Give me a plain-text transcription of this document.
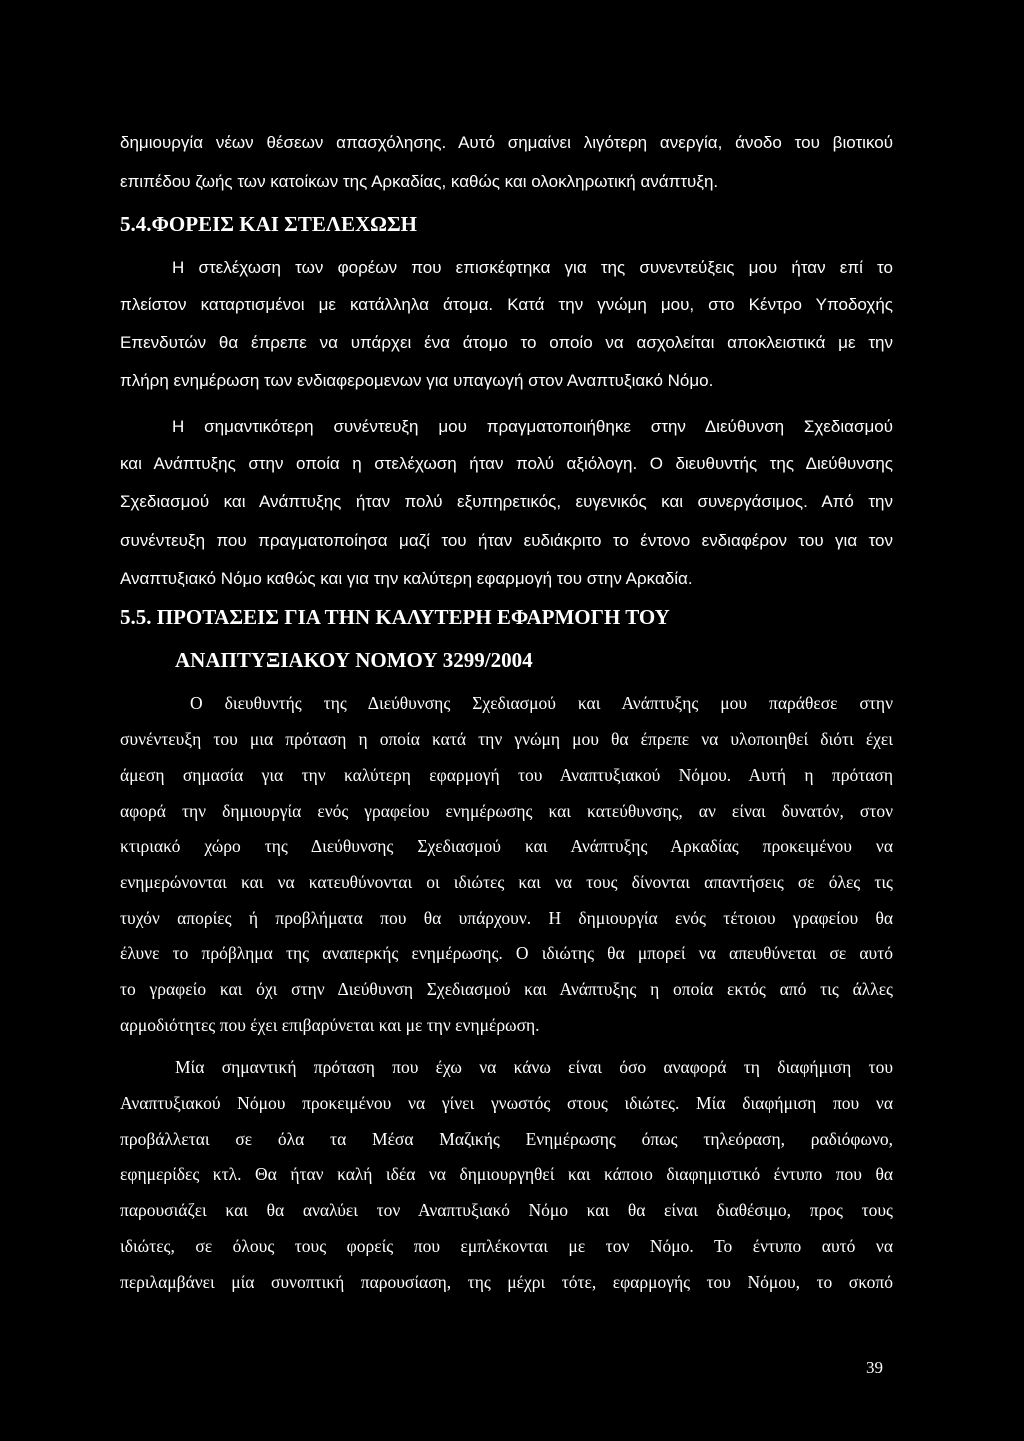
δημιουργία νέων θέσεων απασχόλησης. Αυτό σημαίνει λιγότερη ανεργία, άνοδο του βιοτικού
επιπέδου ζωής των κατοίκων της Αρκαδίας, καθώς και ολοκληρωτική ανάπτυξη.
5.4.ΦΟΡΕΙΣ ΚΑΙ ΣΤΕΛΕΧΩΣΗ
Η στελέχωση των φορέων που επισκέφτηκα για της συνεντεύξεις μου ήταν επί το
πλείστον καταρτισμένοι με κατάλληλα άτομα. Κατά την γνώμη μου, στο Κέντρο Υποδοχής
Επενδυτών θα έπρεπε να υπάρχει ένα άτομο το οποίο να ασχολείται αποκλειστικά με την
πλήρη ενημέρωση των ενδιαφερομενων για υπαγωγή στον Αναπτυξιακό Νόμο.
Η σημαντικότερη συνέντευξη μου πραγματοποιήθηκε στην Διεύθυνση Σχεδιασμού
και Ανάπτυξης στην οποία η στελέχωση ήταν πολύ αξιόλογη. Ο διευθυντής της Διεύθυνσης
Σχεδιασμού και Ανάπτυξης ήταν πολύ εξυπηρετικός, ευγενικός και συνεργάσιμος. Από την
συνέντευξη που πραγματοποίησα μαζί του ήταν ευδιάκριτο το έντονο ενδιαφέρον του για τον
Αναπτυξιακό Νόμο καθώς και για την καλύτερη εφαρμογή του στην Αρκαδία.
5.5. ΠΡΟΤΑΣΕΙΣ ΓΙΑ ΤΗΝ ΚΑΛΥΤΕΡΗ ΕΦΑΡΜΟΓΗ ΤΟΥ
ΑΝΑΠΤΥΞΙΑΚΟΥ ΝΟΜΟΥ 3299/2004
Ο διευθυντής της Διεύθυνσης Σχεδιασμού και Ανάπτυξης μου παράθεσε στην
συνέντευξη του μια πρόταση η οποία κατά την γνώμη μου θα έπρεπε να υλοποιηθεί διότι έχει
άμεση σημασία για την καλύτερη εφαρμογή του Αναπτυξιακού Νόμου. Αυτή η πρόταση
αφορά την δημιουργία ενός γραφείου ενημέρωσης και κατεύθυνσης, αν είναι δυνατόν, στον
κτιριακό χώρο της Διεύθυνσης Σχεδιασμού και Ανάπτυξης Αρκαδίας προκειμένου να
ενημερώνονται και να κατευθύνονται οι ιδιώτες και να τους δίνονται απαντήσεις σε όλες τις
τυχόν απορίες ή προβλήματα που θα υπάρχουν. Η δημιουργία ενός τέτοιου γραφείου θα
έλυνε το πρόβλημα της αναπερκής ενημέρωσης. Ο ιδιώτης θα μπορεί να απευθύνεται σε αυτό
το γραφείο και όχι στην Διεύθυνση Σχεδιασμού και Ανάπτυξης η οποία εκτός από τις άλλες
αρμοδιότητες που έχει επιβαρύνεται και με την ενημέρωση.
Μία σημαντική πρόταση που έχω να κάνω είναι όσο αναφορά τη διαφήμιση του
Αναπτυξιακού Νόμου προκειμένου να γίνει γνωστός στους ιδιώτες. Μία διαφήμιση που να
προβάλλεται σε όλα τα Μέσα Μαζικής Ενημέρωσης όπως τηλεόραση, ραδιόφωνο,
εφημερίδες κτλ. Θα ήταν καλή ιδέα να δημιουργηθεί και κάποιο διαφημιστικό έντυπο που θα
παρουσιάζει και θα αναλύει τον Αναπτυξιακό Νόμο και θα είναι διαθέσιμο, προς τους
ιδιώτες, σε όλους τους φορείς που εμπλέκονται με τον Νόμο. Το έντυπο αυτό να
περιλαμβάνει μία συνοπτική παρουσίαση, της μέχρι τότε, εφαρμογής του Νόμου, το σκοπό
39
